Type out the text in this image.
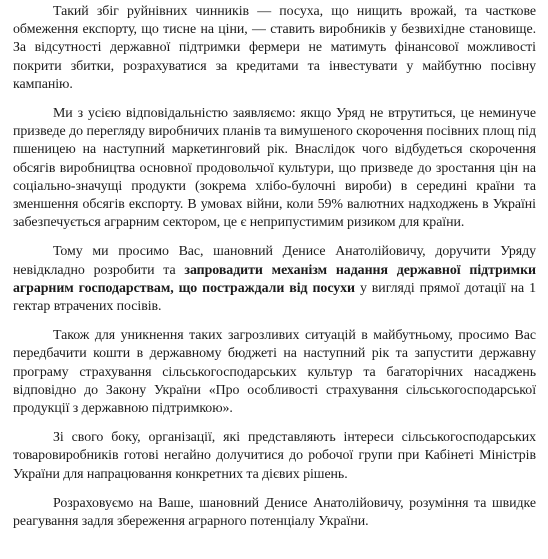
Такий збіг руйнівних чинників — посуха, що нищить врожай, та часткове обмеження експорту, що тисне на ціни, — ставить виробників у безвихідне становище. За відсутності державної підтримки фермери не матимуть фінансової можливості покрити збитки, розрахуватися за кредитами та інвестувати у майбутню посівну кампанію.

Ми з усією відповідальністю заявляємо: якщо Уряд не втрутиться, це неминуче призведе до перегляду виробничих планів та вимушеного скорочення посівних площ під пшеницею на наступний маркетинговий рік. Внаслідок чого відбудеться скорочення обсягів виробництва основної продовольчої культури, що призведе до зростання цін на соціально-значущі продукти (зокрема хлібо-булочні вироби) в середині країни та зменшення обсягів експорту. В умовах війни, коли 59% валютних надходжень в Україні забезпечується аграрним сектором, це є неприпустимим ризиком для країни.

Тому ми просимо Вас, шановний Денисе Анатолійовичу, доручити Уряду невідкладно розробити та запровадити механізм надання державної підтримки аграрним господарствам, що постраждали від посухи у вигляді прямої дотації на 1 гектар втрачених посівів.

Також для уникнення таких загрозливих ситуацій в майбутньому, просимо Вас передбачити кошти в державному бюджеті на наступний рік та запустити державну програму страхування сільськогосподарських культур та багаторічних насаджень відповідно до Закону України «Про особливості страхування сільськогосподарської продукції з державною підтримкою».

Зі свого боку, організації, які представляють інтереси сільськогосподарських товаровиробників готові негайно долучитися до робочої групи при Кабінеті Міністрів України для напрацювання конкретних та дієвих рішень.

Розраховуємо на Вашe, шановний Денисе Анатолійовичу, розуміння та швидке реагування задля збереження аграрного потенціалу України.
